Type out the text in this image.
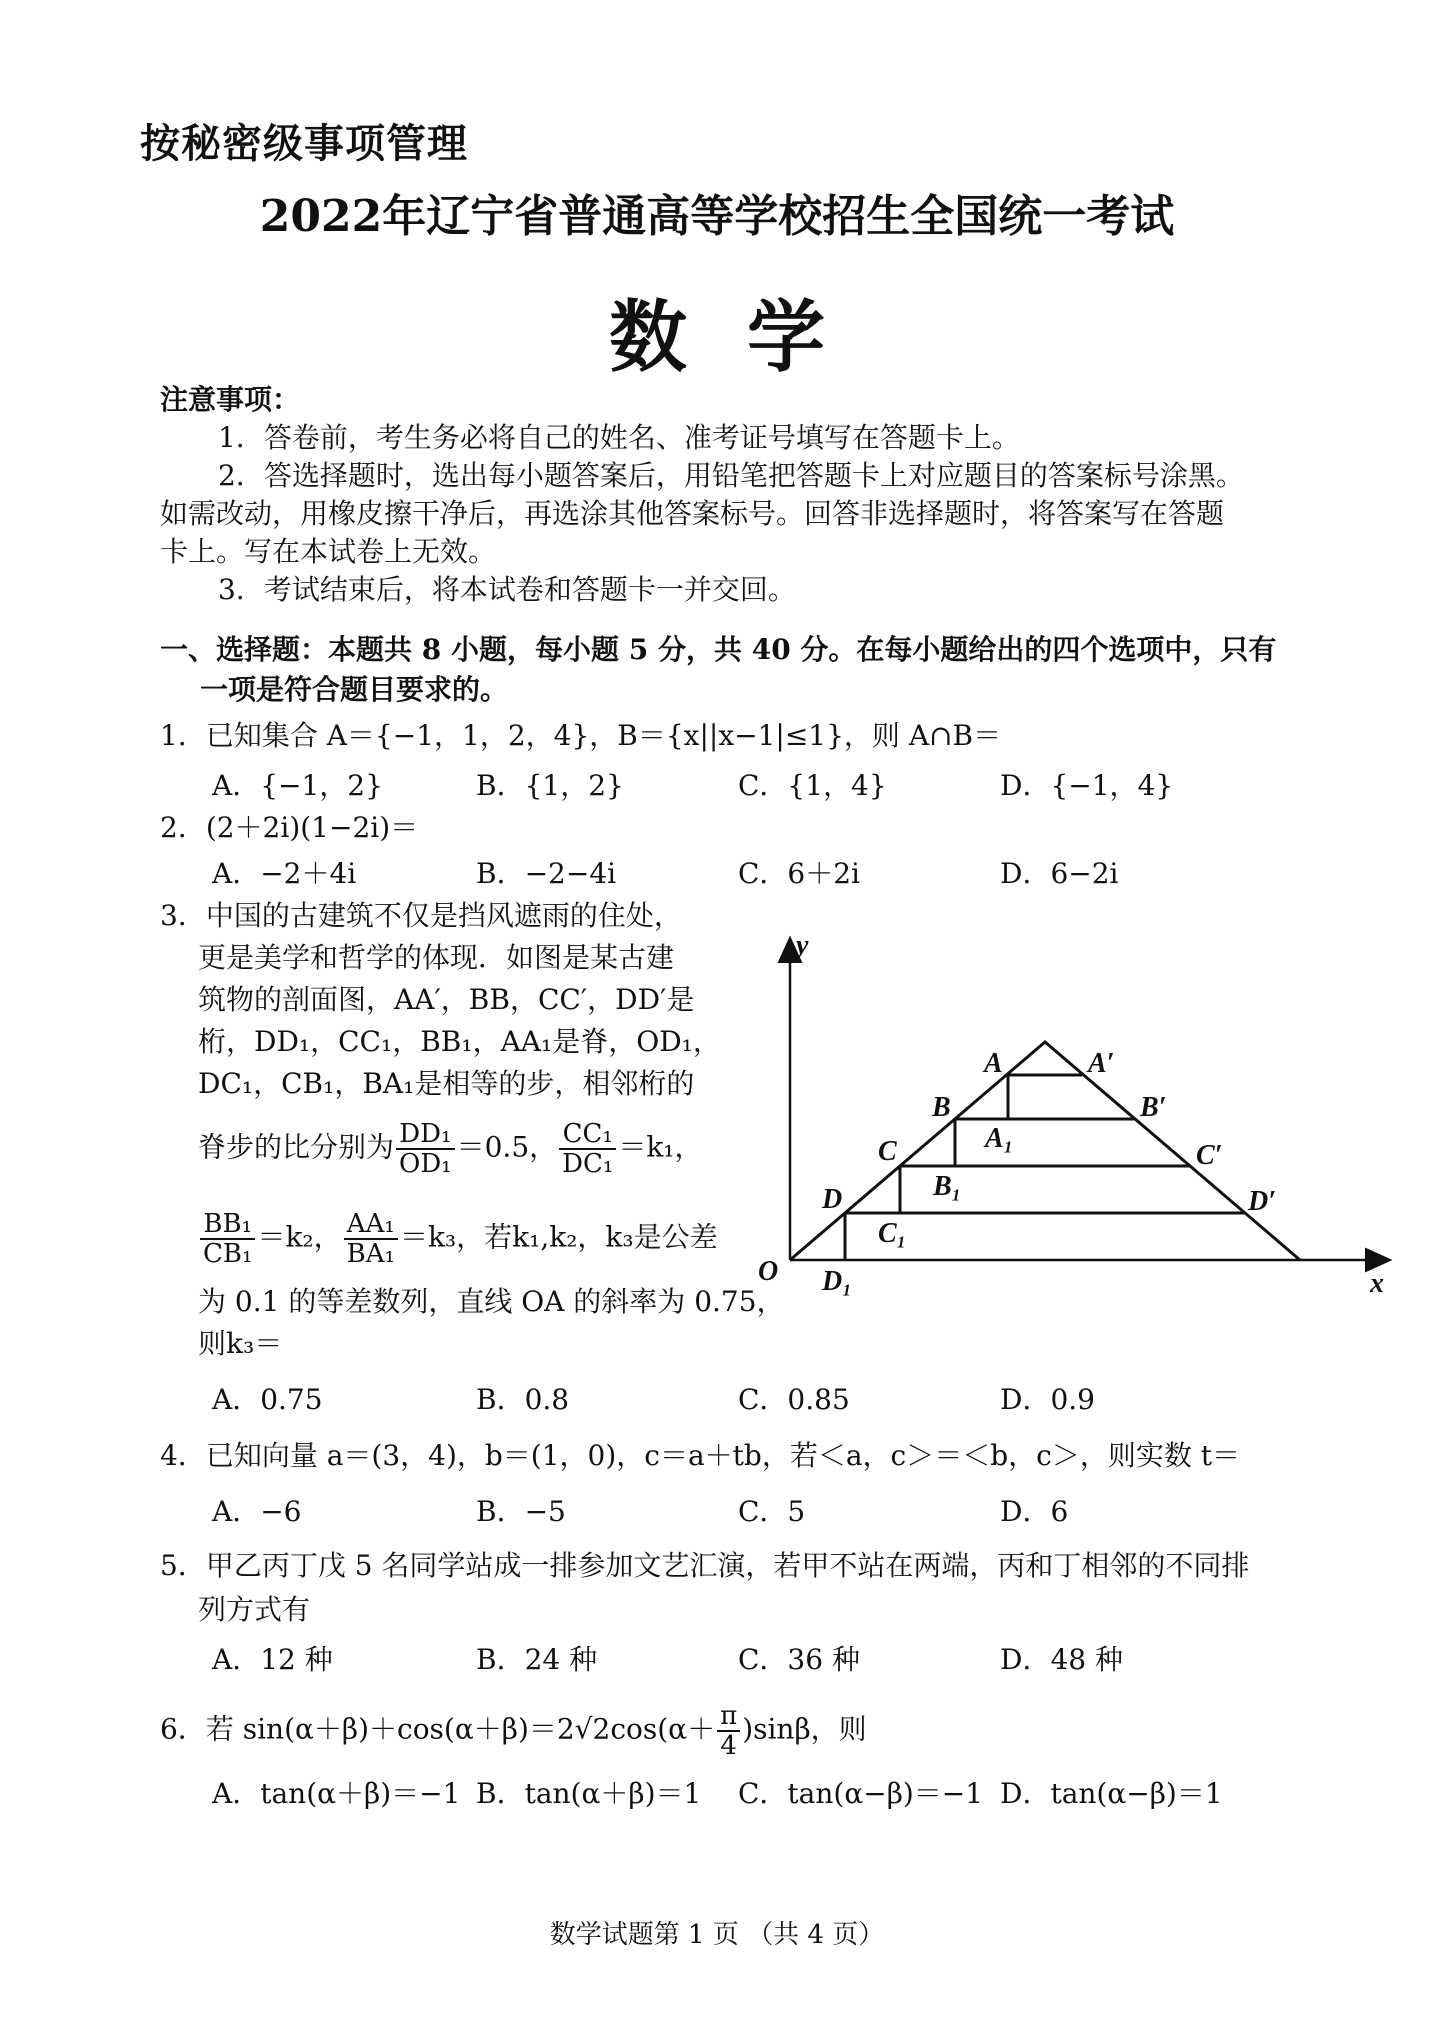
按秘密级事项管理
2022年辽宁省普通高等学校招生全国统一考试
数学
注意事项：
1．答卷前，考生务必将自己的姓名、准考证号填写在答题卡上。
2．答选择题时，选出每小题答案后，用铅笔把答题卡上对应题目的答案标号涂黑。
如需改动，用橡皮擦干净后，再选涂其他答案标号。回答非选择题时，将答案写在答题
卡上。写在本试卷上无效。
3．考试结束后，将本试卷和答题卡一并交回。
一、选择题：本题共 8 小题，每小题 5 分，共 40 分。在每小题给出的四个选项中，只有
一项是符合题目要求的。
1．已知集合 A＝{−1，1，2，4}，B＝{x||x−1|≤1}，则 A∩B＝
A．{−1，2}	B．{1，2}	C．{1，4}	D．{−1，4}
2．(2＋2i)(1−2i)＝
A．−2＋4i	B．−2−4i	C．6＋2i	D．6−2i
3．中国的古建筑不仅是挡风遮雨的住处，
更是美学和哲学的体现．如图是某古建
筑物的剖面图，AA′，BB，CC′，DD′是
桁，DD₁，CC₁，BB₁，AA₁是脊，OD₁，
DC₁，CB₁，BA₁是相等的步，相邻桁的
脊步的比分别为 $\frac{\text{DD₁}}{\text{OD₁}} =0.5$， $\frac{\text{CC₁}}{\text{DC₁}} =k_1$，
$\frac{\text{BB₁}}{\text{CB₁}} =k_2$， $\frac{\text{AA₁}}{\text{BA₁}} =k_3$，若k₁,k₂，k₃是公差
为 0.1 的等差数列，直线 OA 的斜率为 0.75，
则k₃＝
y
x
O
A	A′
B	B′
C	C′
D	D′
A₁
B₁
C₁
D₁
A．0.75	B．0.8	C．0.85	D．0.9
4．已知向量 a＝(3，4)，b＝(1，0)，c＝a＋tb，若＜a，c＞＝＜b，c＞，则实数 t＝
A．−6	B．−5	C．5	D．6
5．甲乙丙丁戊 5 名同学站成一排参加文艺汇演，若甲不站在两端，丙和丁相邻的不同排
列方式有
A．12 种	B．24 种	C．36 种	D．48 种
6．若 $\sin(\alpha+\beta)+\cos(\alpha+\beta)=2√2\cos(\alpha+ \frac{\pi}{4} )\sin\beta$，则
A．tan(α＋β)＝−1 B．tan(α＋β)＝1 C．tan(α−β)＝−1 D．tan(α−β)＝1
数学试题第 1 页 （共 4 页）
